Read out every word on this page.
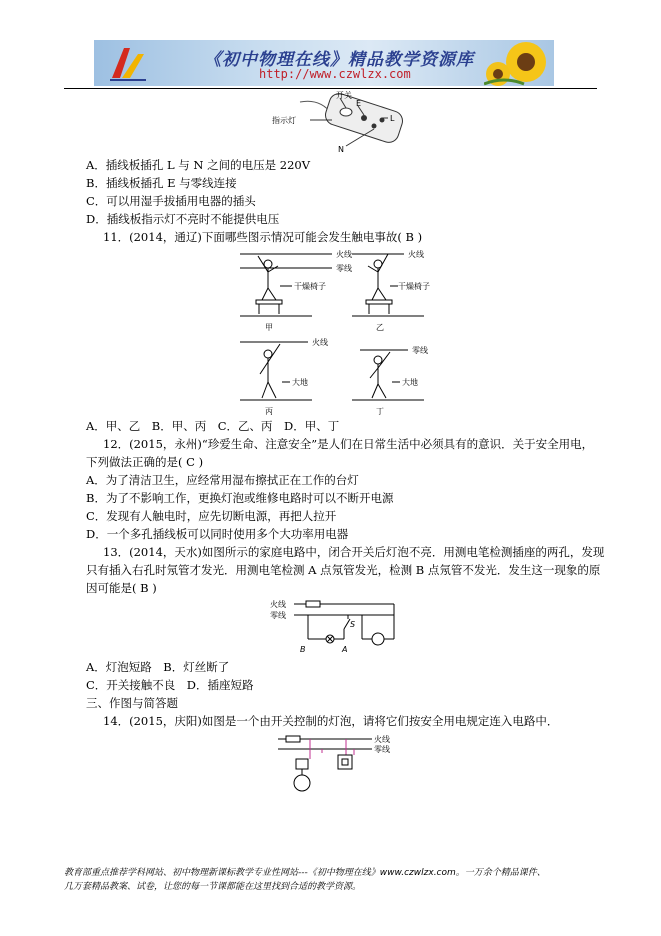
《初中物理在线》精品教学资源库
http://www.czwlzx.com
开关
指示灯
E
L
N
A．插线板插孔 L 与 N 之间的电压是 220V
B．插线板插孔 E 与零线连接
C．可以用湿手拔插用电器的插头
D．插线板指示灯不亮时不能提供电压
11．(2014，通辽)下面哪些图示情况可能会发生触电事故( B )
火线
零线
干燥椅子
甲
火线
干燥椅子
乙
火线
大地
丙
零线
大地
丁
A．甲、乙　B．甲、丙　C．乙、丙　D．甲、丁
12．(2015，永州)“珍爱生命、注意安全”是人们在日常生活中必须具有的意识．关于安全用电，
下列做法正确的是( C )
A．为了清洁卫生，应经常用湿布擦拭正在工作的台灯
B．为了不影响工作，更换灯泡或维修电路时可以不断开电源
C．发现有人触电时，应先切断电源，再把人拉开
D．一个多孔插线板可以同时使用多个大功率用电器
13．(2014，天水)如图所示的家庭电路中，闭合开关后灯泡不亮．用测电笔检测插座的两孔，发现
只有插入右孔时氖管才发光．用测电笔检测 A 点氖管发光，检测 B 点氖管不发光．发生这一现象的原
因可能是( B )
火线
零线
S
A
B
A．灯泡短路　B．灯丝断了
C．开关接触不良　D．插座短路
三、作图与简答题
14．(2015，庆阳)如图是一个由开关控制的灯泡，请将它们按安全用电规定连入电路中．
火线
零线
教育部重点推荐学科网站、初中物理新课标教学专业性网站---《初中物理在线》www.czwlzx.com。一万余个精品课件、
几万套精品教案、试卷，让您的每一节课都能在这里找到合适的教学资源。
